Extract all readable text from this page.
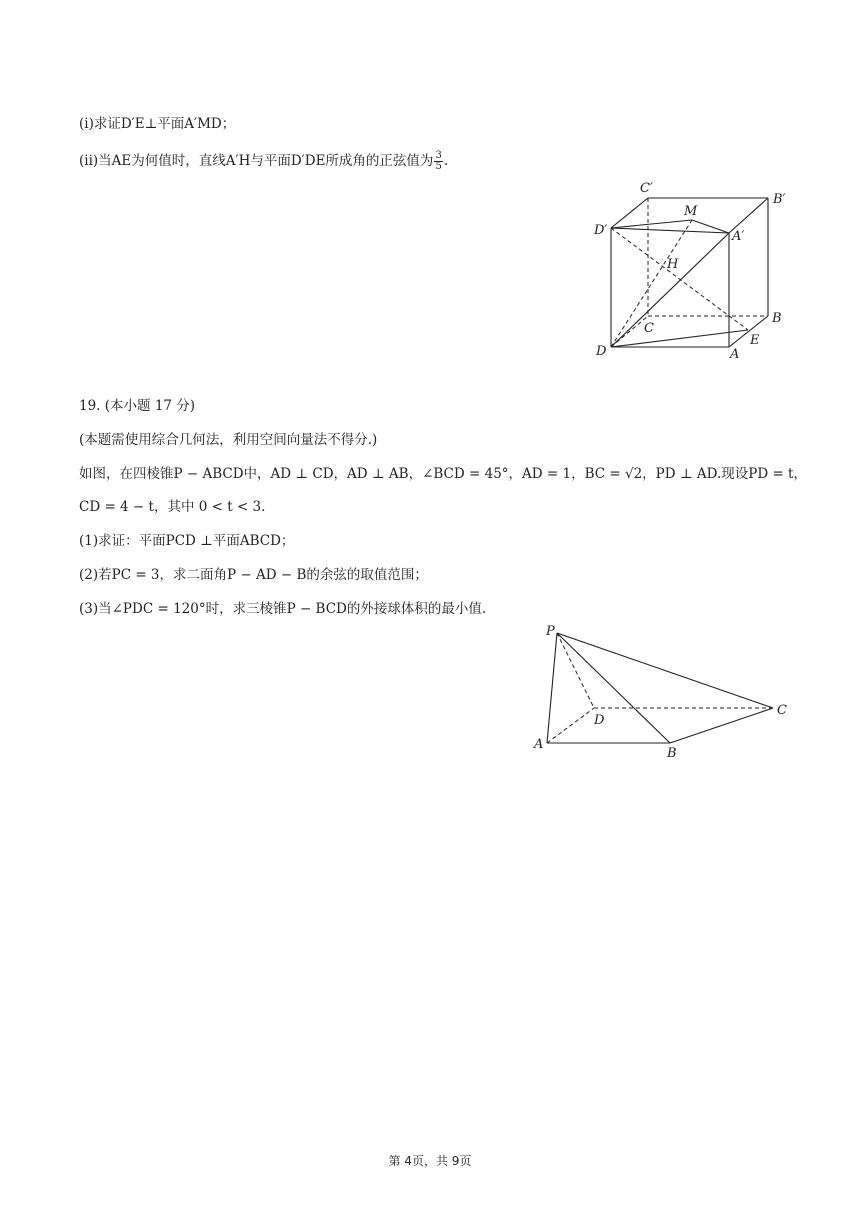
(i)求证D′E⊥平面A′MD；
(ii)当AE为何值时，直线A′H与平面D′DE所成角的正弦值为 $\frac{3}{5}$ .
C′
M
B′
D′	A′
H
C
B
D	A
E
19. (本小题 17 分)
(本题需使用综合几何法，利用空间向量法不得分.)
如图，在四棱锥P − ABCD中，AD ⊥ CD，AD ⊥ AB，∠BCD = 45°，AD = 1，BC = √2，PD ⊥ AD.现设PD = t，
CD = 4 − t，其中 0 < t < 3.
(1)求证：平面PCD ⊥平面ABCD；
(2)若PC = 3，求二面角P − AD − B的余弦的取值范围；
(3)当∠PDC = 120°时，求三棱锥P − BCD的外接球体积的最小值.
P
D
C
A
B
第 4页，共 9页
